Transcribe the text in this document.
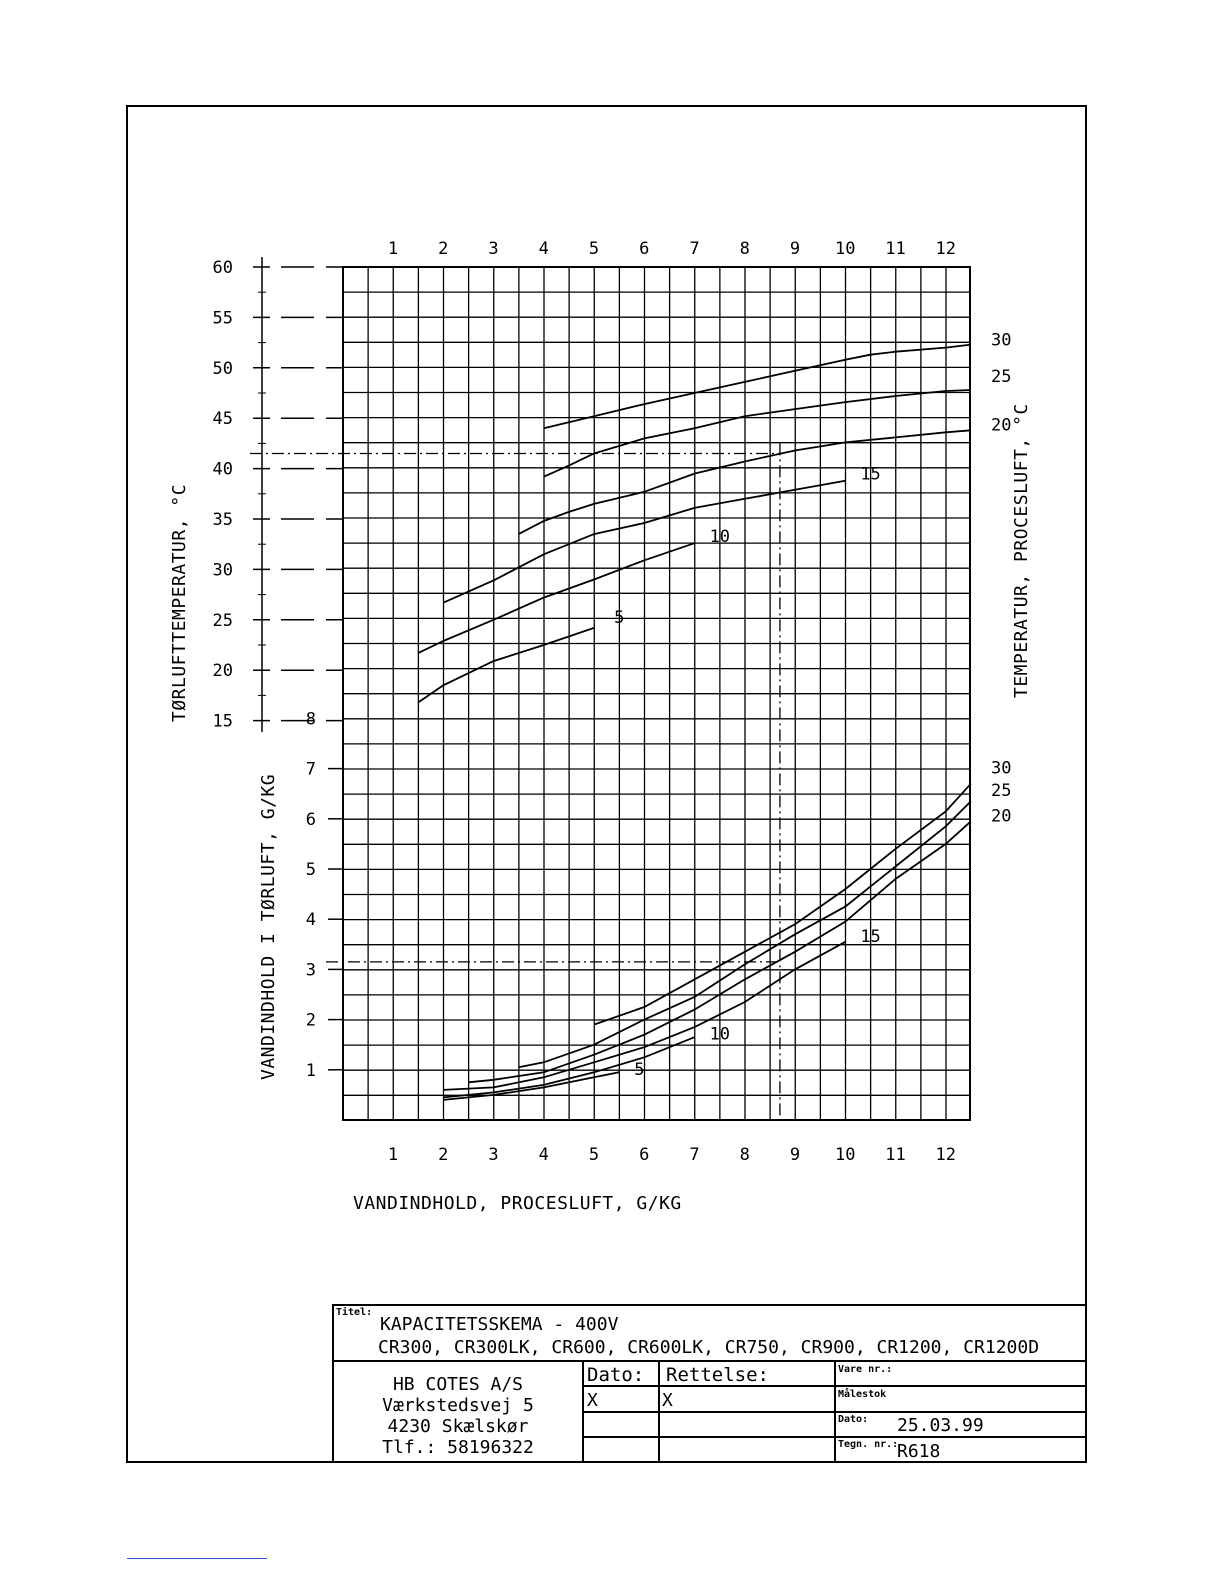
1
1
2
2
3
3
4
4
5
5
6
6
7
7
8
8
9
9
10
10
11
11
12
12
30
25
20
15
10
5
30
25
20
15
10
5
60
55
50
45
40
35
30
25
20
15	8
7
6
5
4
3
2
1
VANDINDHOLD, PROCESLUFT, G/KG
TØRLUFTTEMPERATUR, °C
VANDINDHOLD I TØRLUFT, G/KG
TEMPERATUR, PROCESLUFT, °C
Titel:
KAPACITETSSKEMA - 400V
CR300, CR300LK, CR600, CR600LK, CR750, CR900, CR1200, CR1200D
HB COTES A/S
Værkstedsvej 5
4230 Skælskør
Tlf.: 58196322
Dato: Rettelse:
X	X
Vare nr.:
Målestok
Dato: 25.03.99
Tegn. nr.:
R618
